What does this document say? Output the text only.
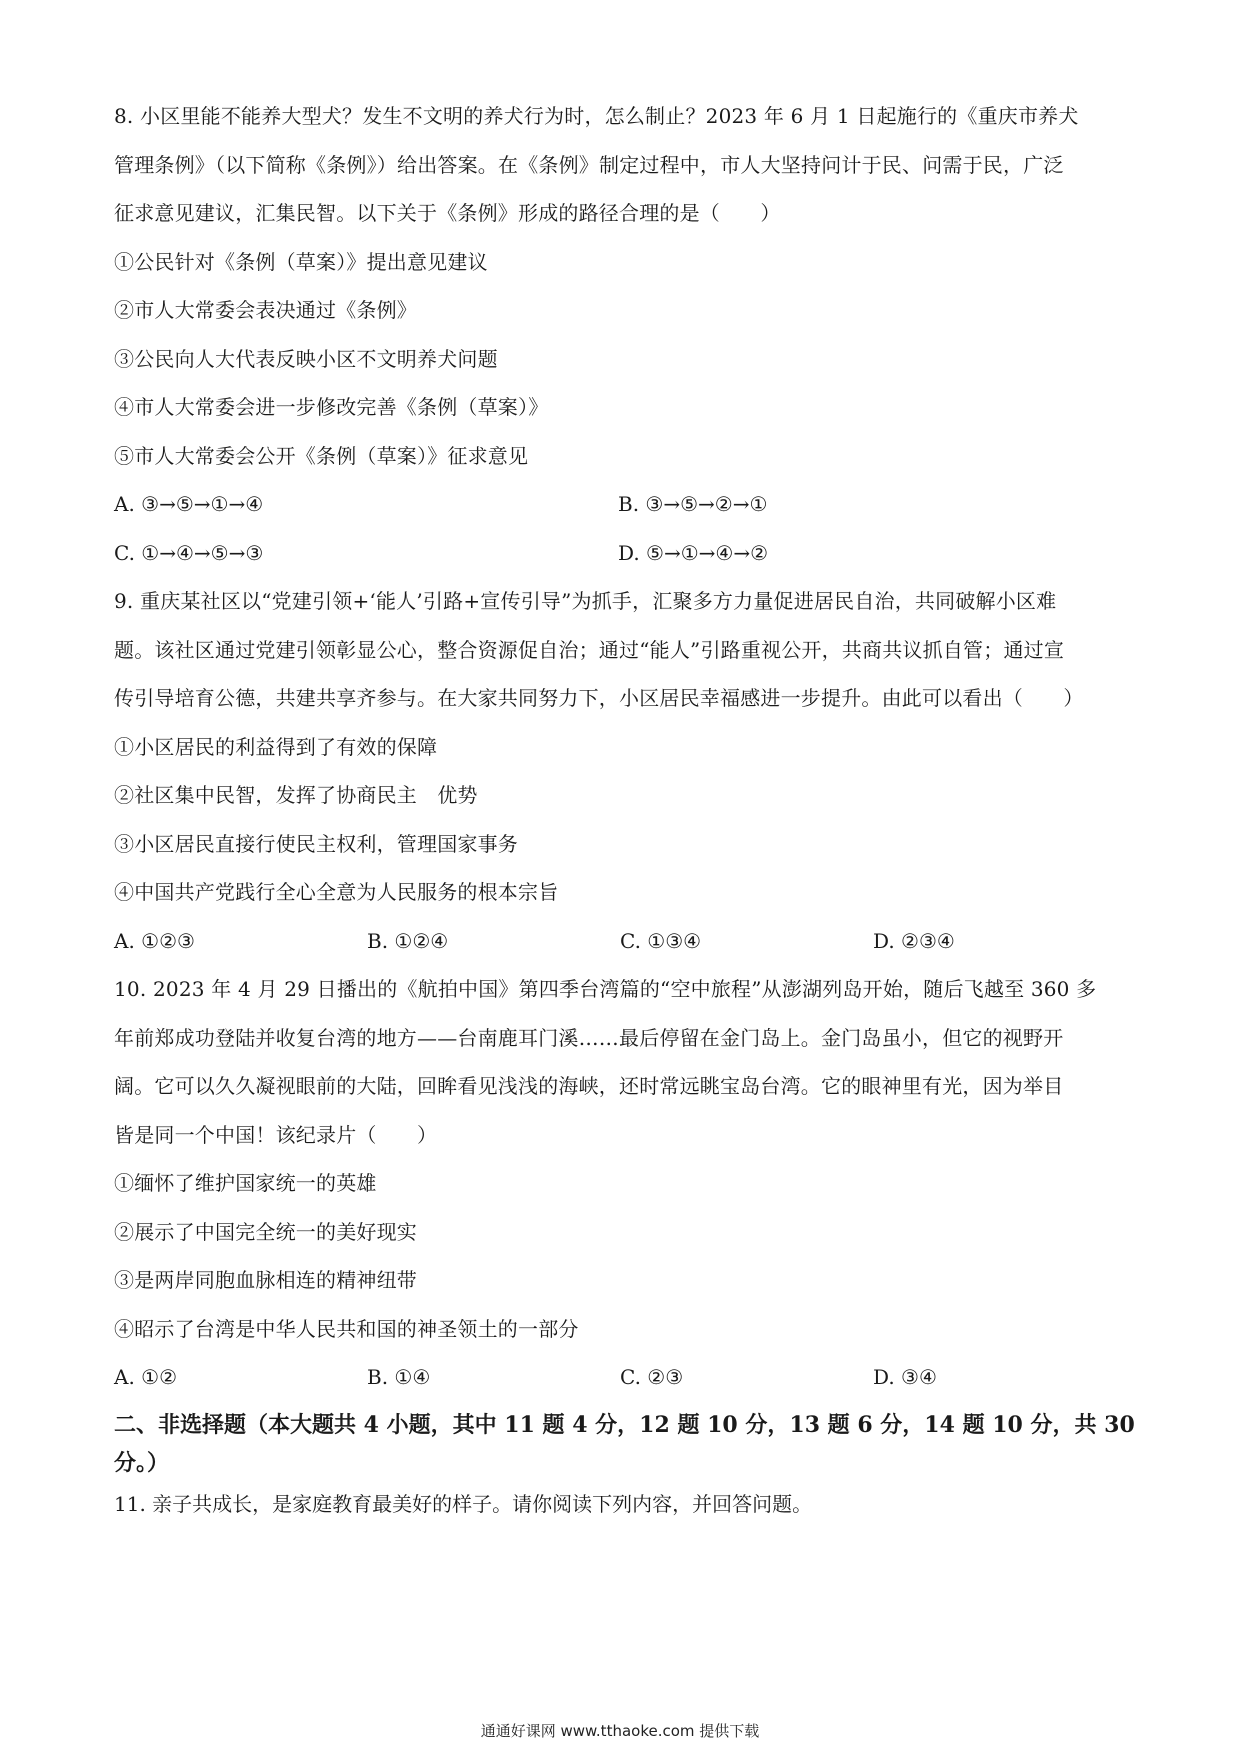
8. 小区里能不能养大型犬？发生不文明的养犬行为时，怎么制止？2023 年 6 月 1 日起施行的《重庆市养犬
管理条例》（以下简称《条例》）给出答案。在《条例》制定过程中，市人大坚持问计于民、问需于民，广泛
征求意见建议，汇集民智。以下关于《条例》形成的路径合理的是（　　）
①公民针对《条例（草案）》提出意见建议
②市人大常委会表决通过《条例》
③公民向人大代表反映小区不文明养犬问题
④市人大常委会进一步修改完善《条例（草案）》
⑤市人大常委会公开《条例（草案）》征求意见
A. ③→⑤→①→④	B. ③→⑤→②→①
C. ①→④→⑤→③	D. ⑤→①→④→②
9. 重庆某社区以“党建引领+‘能人’引路+宣传引导”为抓手，汇聚多方力量促进居民自治，共同破解小区难
题。该社区通过党建引领彰显公心，整合资源促自治；通过“能人”引路重视公开，共商共议抓自管；通过宣
传引导培育公德，共建共享齐参与。在大家共同努力下，小区居民幸福感进一步提升。由此可以看出（　　）
①小区居民的利益得到了有效的保障
②社区集中民智，发挥了协商民主　优势
③小区居民直接行使民主权利，管理国家事务
④中国共产党践行全心全意为人民服务的根本宗旨
A. ①②③	B. ①②④	C. ①③④	D. ②③④
10. 2023 年 4 月 29 日播出的《航拍中国》第四季台湾篇的“空中旅程”从澎湖列岛开始，随后飞越至 360 多
年前郑成功登陆并收复台湾的地方——台南鹿耳门溪……最后停留在金门岛上。金门岛虽小，但它的视野开
阔。它可以久久凝视眼前的大陆，回眸看见浅浅的海峡，还时常远眺宝岛台湾。它的眼神里有光，因为举目
皆是同一个中国！该纪录片（　　）
①缅怀了维护国家统一的英雄
②展示了中国完全统一的美好现实
③是两岸同胞血脉相连的精神纽带
④昭示了台湾是中华人民共和国的神圣领土的一部分
A. ①②	B. ①④	C. ②③	D. ③④
二、非选择题（本大题共 4 小题，其中 11 题 4 分，12 题 10 分，13 题 6 分，14 题 10 分，共 30
分。）
11. 亲子共成长，是家庭教育最美好的样子。请你阅读下列内容，并回答问题。
通通好课网 www.tthaoke.com 提供下载
